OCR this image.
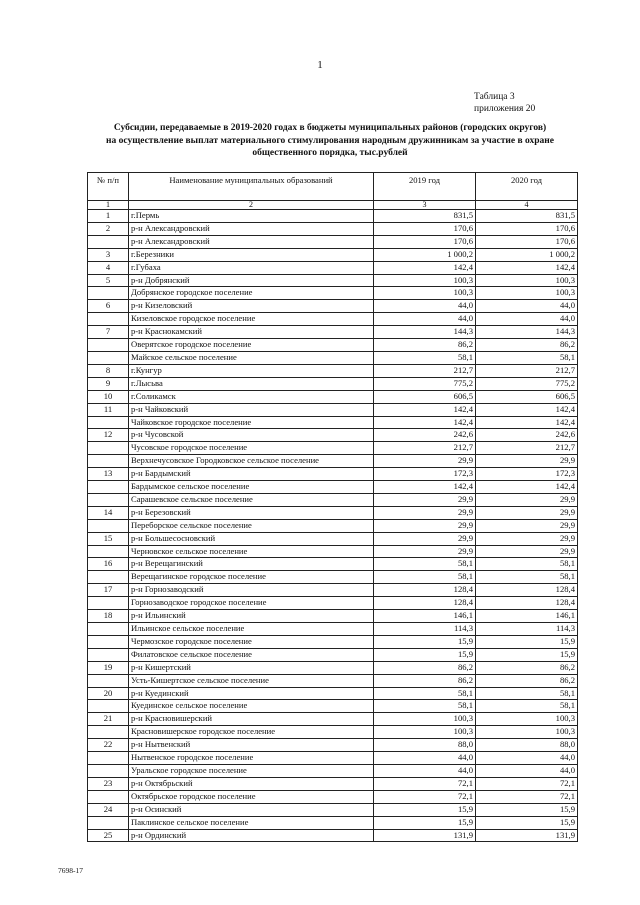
1
Таблица 3
приложения 20
Субсидии, передаваемые в 2019-2020 годах в бюджеты муниципальных районов (городских округов)
на осуществление выплат материального стимулирования народным дружинникам за участие в охране
общественного порядка, тыс.рублей
№ п/п	Наименование муниципальных образований	2019 год	2020 год
1	2	3	4
1	г.Пермь	831,5	831,5
2	р-н Александровский	170,6	170,6
	р-н Александровский	170,6	170,6
3	г.Березники	1 000,2	1 000,2
4	г.Губаха	142,4	142,4
5	р-н Добрянский	100,3	100,3
	Добрянское городское поселение	100,3	100,3
6	р-н Кизеловский	44,0	44,0
	Кизеловское городское поселение	44,0	44,0
7	р-н Краснокамский	144,3	144,3
	Оверятское городское поселение	86,2	86,2
	Майское сельское поселение	58,1	58,1
8	г.Кунгур	212,7	212,7
9	г.Лысьва	775,2	775,2
10	г.Соликамск	606,5	606,5
11	р-н Чайковский	142,4	142,4
	Чайковское городское поселение	142,4	142,4
12	р-н Чусовской	242,6	242,6
	Чусовское городское поселение	212,7	212,7
	Верхнечусовское Городковское сельское поселение	29,9	29,9
13	р-н Бардымский	172,3	172,3
	Бардымское сельское поселение	142,4	142,4
	Сарашевское сельское поселение	29,9	29,9
14	р-н Березовский	29,9	29,9
	Переборское сельское поселение	29,9	29,9
15	р-н Большесосновский	29,9	29,9
	Черновское сельское поселение	29,9	29,9
16	р-н Верещагинский	58,1	58,1
	Верещагинское городское поселение	58,1	58,1
17	р-н Горнозаводский	128,4	128,4
	Горнозаводское городское поселение	128,4	128,4
18	р-н Ильинский	146,1	146,1
	Ильинское сельское поселение	114,3	114,3
	Чермозское городское поселение	15,9	15,9
	Филатовское сельское поселение	15,9	15,9
19	р-н Кишертский	86,2	86,2
	Усть-Кишертское сельское поселение	86,2	86,2
20	р-н Куединский	58,1	58,1
	Куединское сельское поселение	58,1	58,1
21	р-н Красновишерский	100,3	100,3
	Красновишерское городское поселение	100,3	100,3
22	р-н Нытвенский	88,0	88,0
	Нытвенское городское поселение	44,0	44,0
	Уральское городское поселение	44,0	44,0
23	р-н Октябрьский	72,1	72,1
	Октябрьское городское поселение	72,1	72,1
24	р-н Осинский	15,9	15,9
	Паклинское сельское поселение	15,9	15,9
25	р-н Ординский	131,9	131,9
7698-17
